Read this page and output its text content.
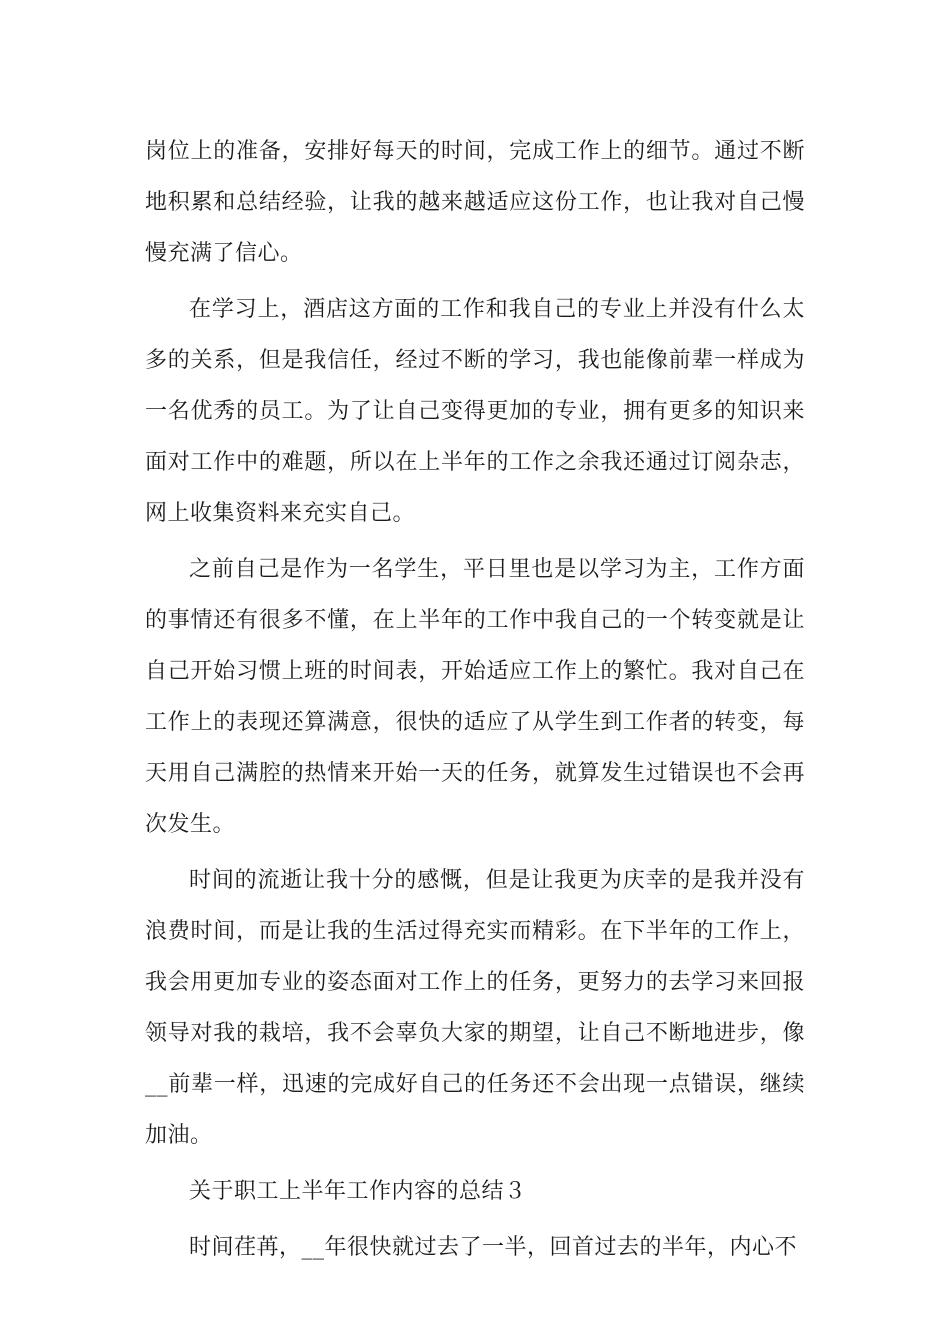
岗位上的准备，安排好每天的时间，完成工作上的细节。通过不断地积累和总结经验，让我的越来越适应这份工作，也让我对自己慢慢充满了信心。

在学习上，酒店这方面的工作和我自己的专业上并没有什么太多的关系，但是我信任，经过不断的学习，我也能像前辈一样成为一名优秀的员工。为了让自己变得更加的专业，拥有更多的知识来面对工作中的难题，所以在上半年的工作之余我还通过订阅杂志，网上收集资料来充实自己。

之前自己是作为一名学生，平日里也是以学习为主，工作方面的事情还有很多不懂，在上半年的工作中我自己的一个转变就是让自己开始习惯上班的时间表，开始适应工作上的繁忙。我对自己在工作上的表现还算满意，很快的适应了从学生到工作者的转变，每天用自己满腔的热情来开始一天的任务，就算发生过错误也不会再次发生。

时间的流逝让我十分的感慨，但是让我更为庆幸的是我并没有浪费时间，而是让我的生活过得充实而精彩。在下半年的工作上，我会用更加专业的姿态面对工作上的任务，更努力的去学习来回报领导对我的栽培，我不会辜负大家的期望，让自己不断地进步，像__前辈一样，迅速的完成好自己的任务还不会出现一点错误，继续加油。

关于职工上半年工作内容的总结３

时间荏苒，__年很快就过去了一半，回首过去的半年，内心不
